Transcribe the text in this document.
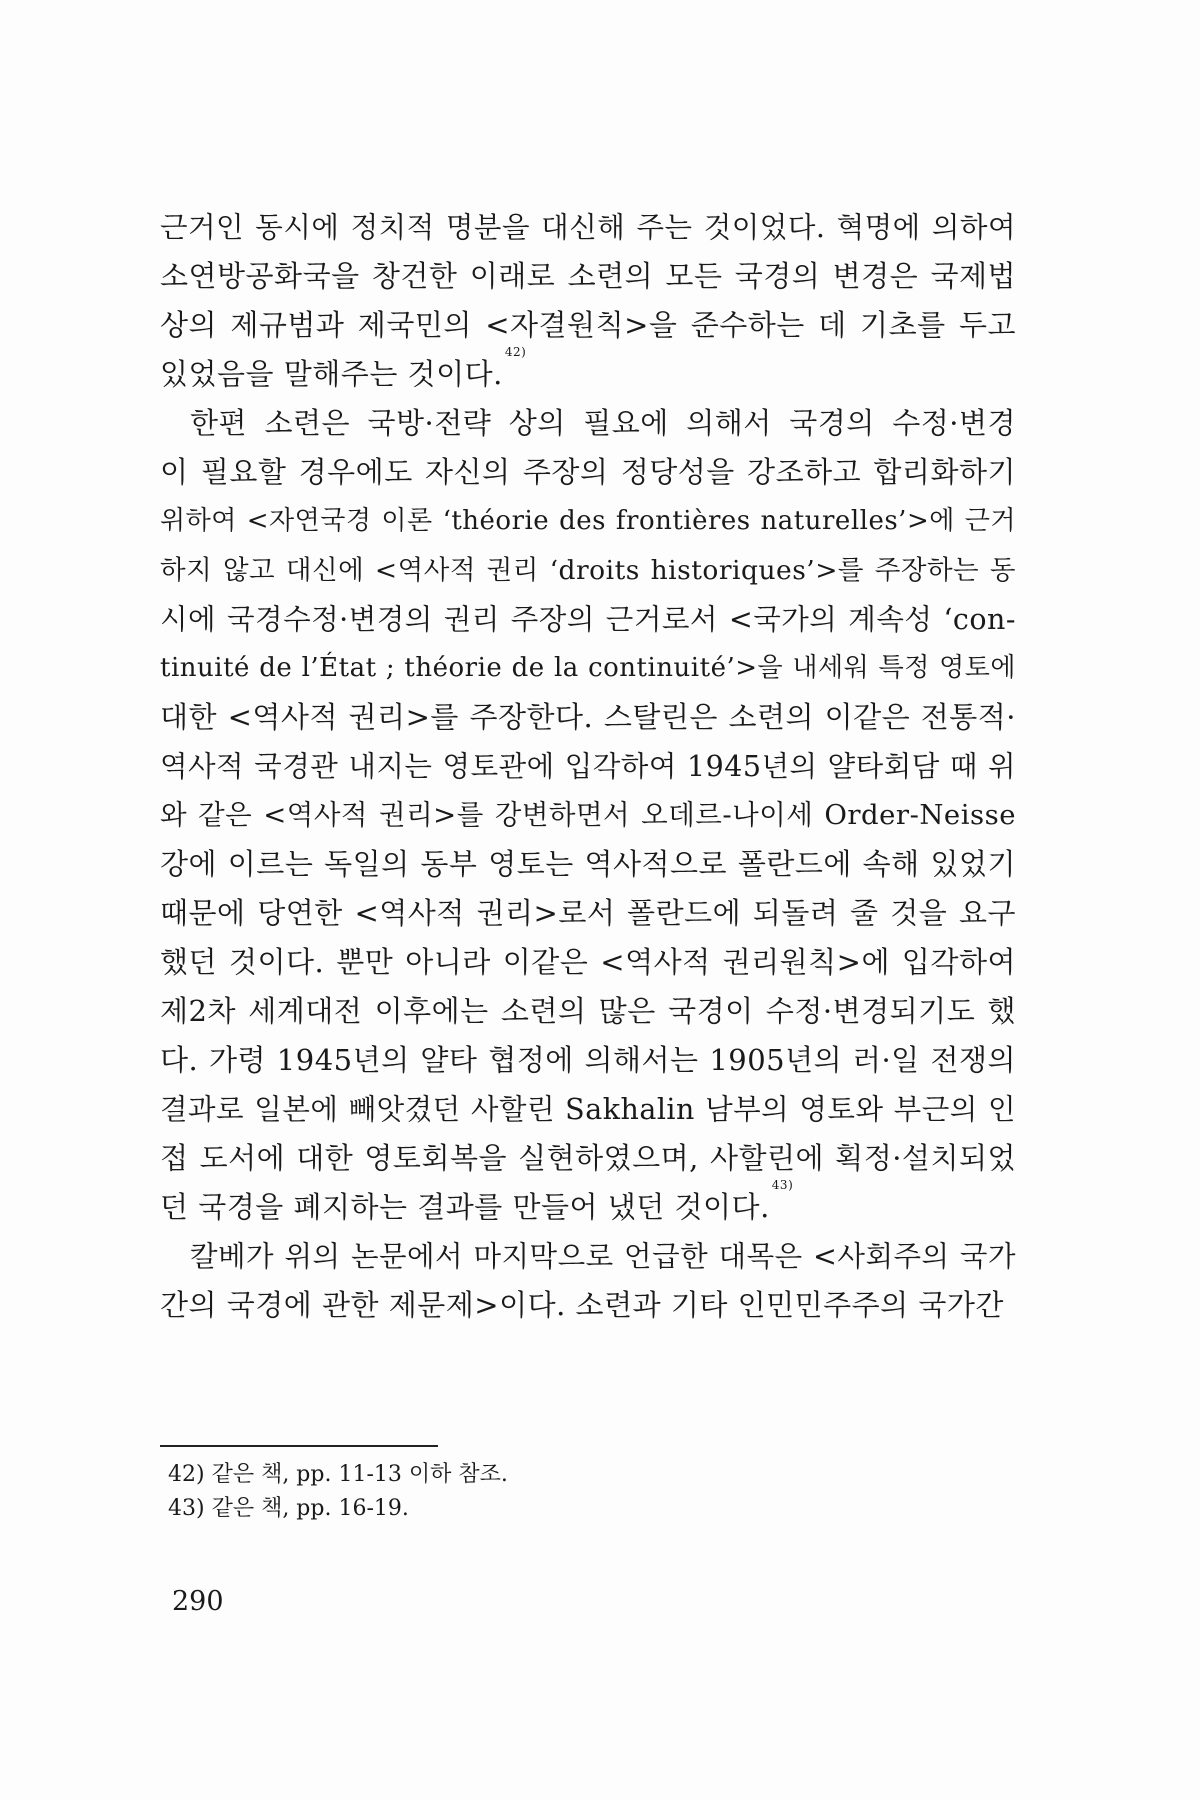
근거인 동시에 정치적 명분을 대신해 주는 것이었다. 혁명에 의하여
소연방공화국을 창건한 이래로 소련의 모든 국경의 변경은 국제법
상의 제규범과 제국민의 <자결원칙>을 준수하는 데 기초를 두고
있었음을 말해주는 것이다.$^{42)}$
한편 소련은 국방·전략 상의 필요에 의해서 국경의 수정·변경
이 필요할 경우에도 자신의 주장의 정당성을 강조하고 합리화하기
위하여 <자연국경 이론 ‘théorie des frontières naturelles’>에 근거
하지 않고 대신에 <역사적 권리 ‘droits historiques’>를 주장하는 동
시에 국경수정·변경의 권리 주장의 근거로서 <국가의 계속성 ‘con-
tinuité de l’État ; théorie de la continuité’>을 내세워 특정 영토에
대한 <역사적 권리>를 주장한다. 스탈린은 소련의 이같은 전통적·
역사적 국경관 내지는 영토관에 입각하여 1945년의 얄타회담 때 위
와 같은 <역사적 권리>를 강변하면서 오데르-나이세 Order-Neisse
강에 이르는 독일의 동부 영토는 역사적으로 폴란드에 속해 있었기
때문에 당연한 <역사적 권리>로서 폴란드에 되돌려 줄 것을 요구
했던 것이다. 뿐만 아니라 이같은 <역사적 권리원칙>에 입각하여
제2차 세계대전 이후에는 소련의 많은 국경이 수정·변경되기도 했
다. 가령 1945년의 얄타 협정에 의해서는 1905년의 러·일 전쟁의
결과로 일본에 빼앗겼던 사할린 Sakhalin 남부의 영토와 부근의 인
접 도서에 대한 영토회복을 실현하였으며, 사할린에 획정·설치되었
던 국경을 폐지하는 결과를 만들어 냈던 것이다.$^{43)}$
칼베가 위의 논문에서 마지막으로 언급한 대목은 <사회주의 국가
간의 국경에 관한 제문제>이다. 소련과 기타 인민민주주의 국가간
42) 같은 책, pp. 11-13 이하 참조.
43) 같은 책, pp. 16-19.
290
